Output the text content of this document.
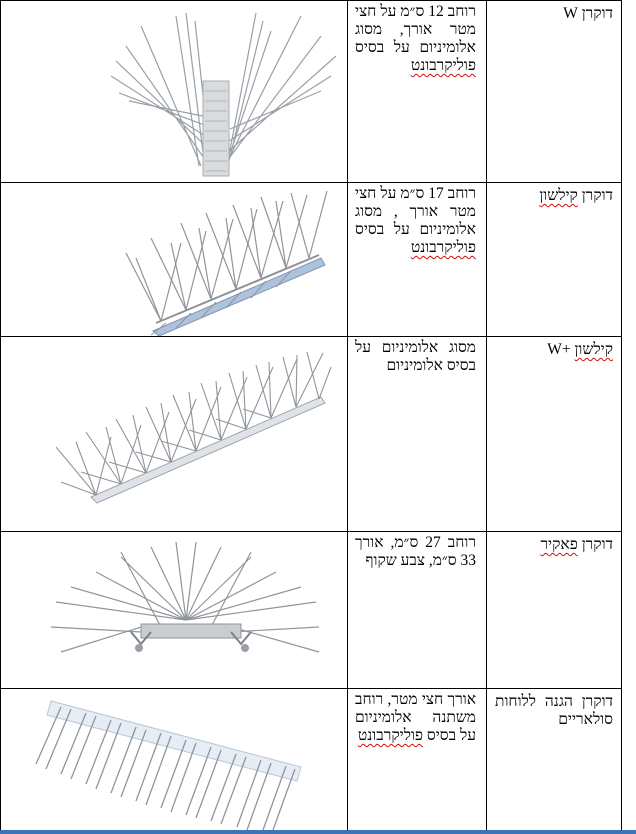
רוחב 12 ס״מ על חצי מטר אורך, מסוג אלומיניום על בסיס פוליקרבונט	דוקרן W

רוחב 17 ס״מ על חצי מטר אורך , מסוג אלומיניום על בסיס פוליקרבונט	דוקרן קילשון

מסוג אלומיניום על בסיס אלומיניום	קילשון +W

רוחב 27 ס״מ, אורך 33 ס״מ, צבע שקוף	דוקרן פאקיר

אורך חצי מטר, רוחב משתנה אלומיניום על בסיס פוליקרבונט	דוקרן הגנה ללוחות סולאריים
